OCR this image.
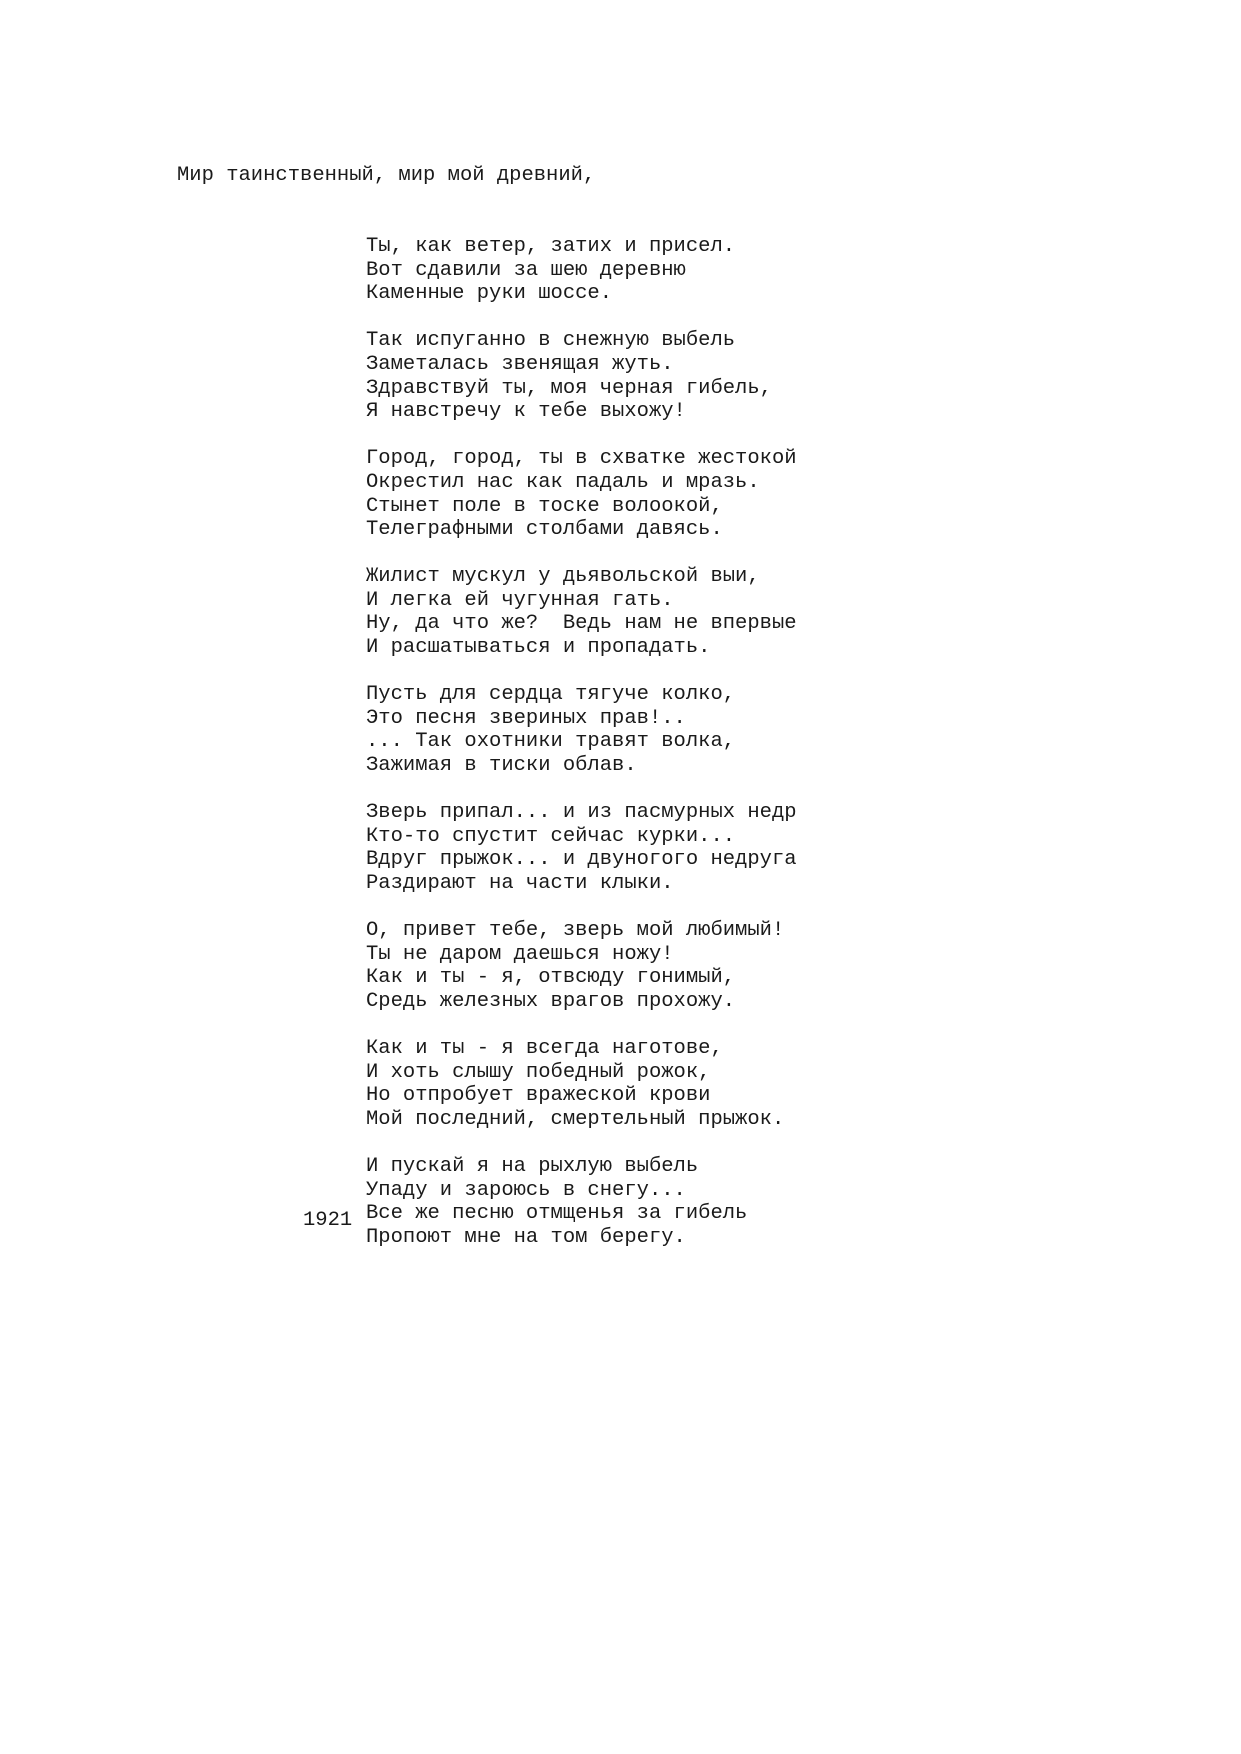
Мир таинственный, мир мой древний,

Ты, как ветер, затих и присел.
Вот сдавили за шею деревню
Каменные руки шоссе.
Так испуганно в снежную выбель
Заметалась звенящая жуть.
Здравствуй ты, моя черная гибель,
Я навстречу к тебе выхожу!
Город, город, ты в схватке жестокой
Окрестил нас как падаль и мразь.
Стынет поле в тоске волоокой,
Телеграфными столбами давясь.
Жилист мускул у дьявольской выи,
И легка ей чугунная гать.
Ну, да что же?  Ведь нам не впервые
И расшатываться и пропадать.
Пусть для сердца тягуче колко,
Это песня звериных прав!..
... Так охотники травят волка,
Зажимая в тиски облав.
Зверь припал... и из пасмурных недр
Кто-то спустит сейчас курки...
Вдруг прыжок... и двуногого недруга
Раздирают на части клыки.
О, привет тебе, зверь мой любимый!
Ты не даром даешься ножу!
Как и ты - я, отвсюду гонимый,
Средь железных врагов прохожу.
Как и ты - я всегда наготове,
И хоть слышу победный рожок,
Но отпробует вражеской крови
Мой последний, смертельный прыжок.
И пускай я на рыхлую выбель
Упаду и зароюсь в снегу...
Все же песню отмщенья за гибель
Пропоют мне на том берегу.
1921
